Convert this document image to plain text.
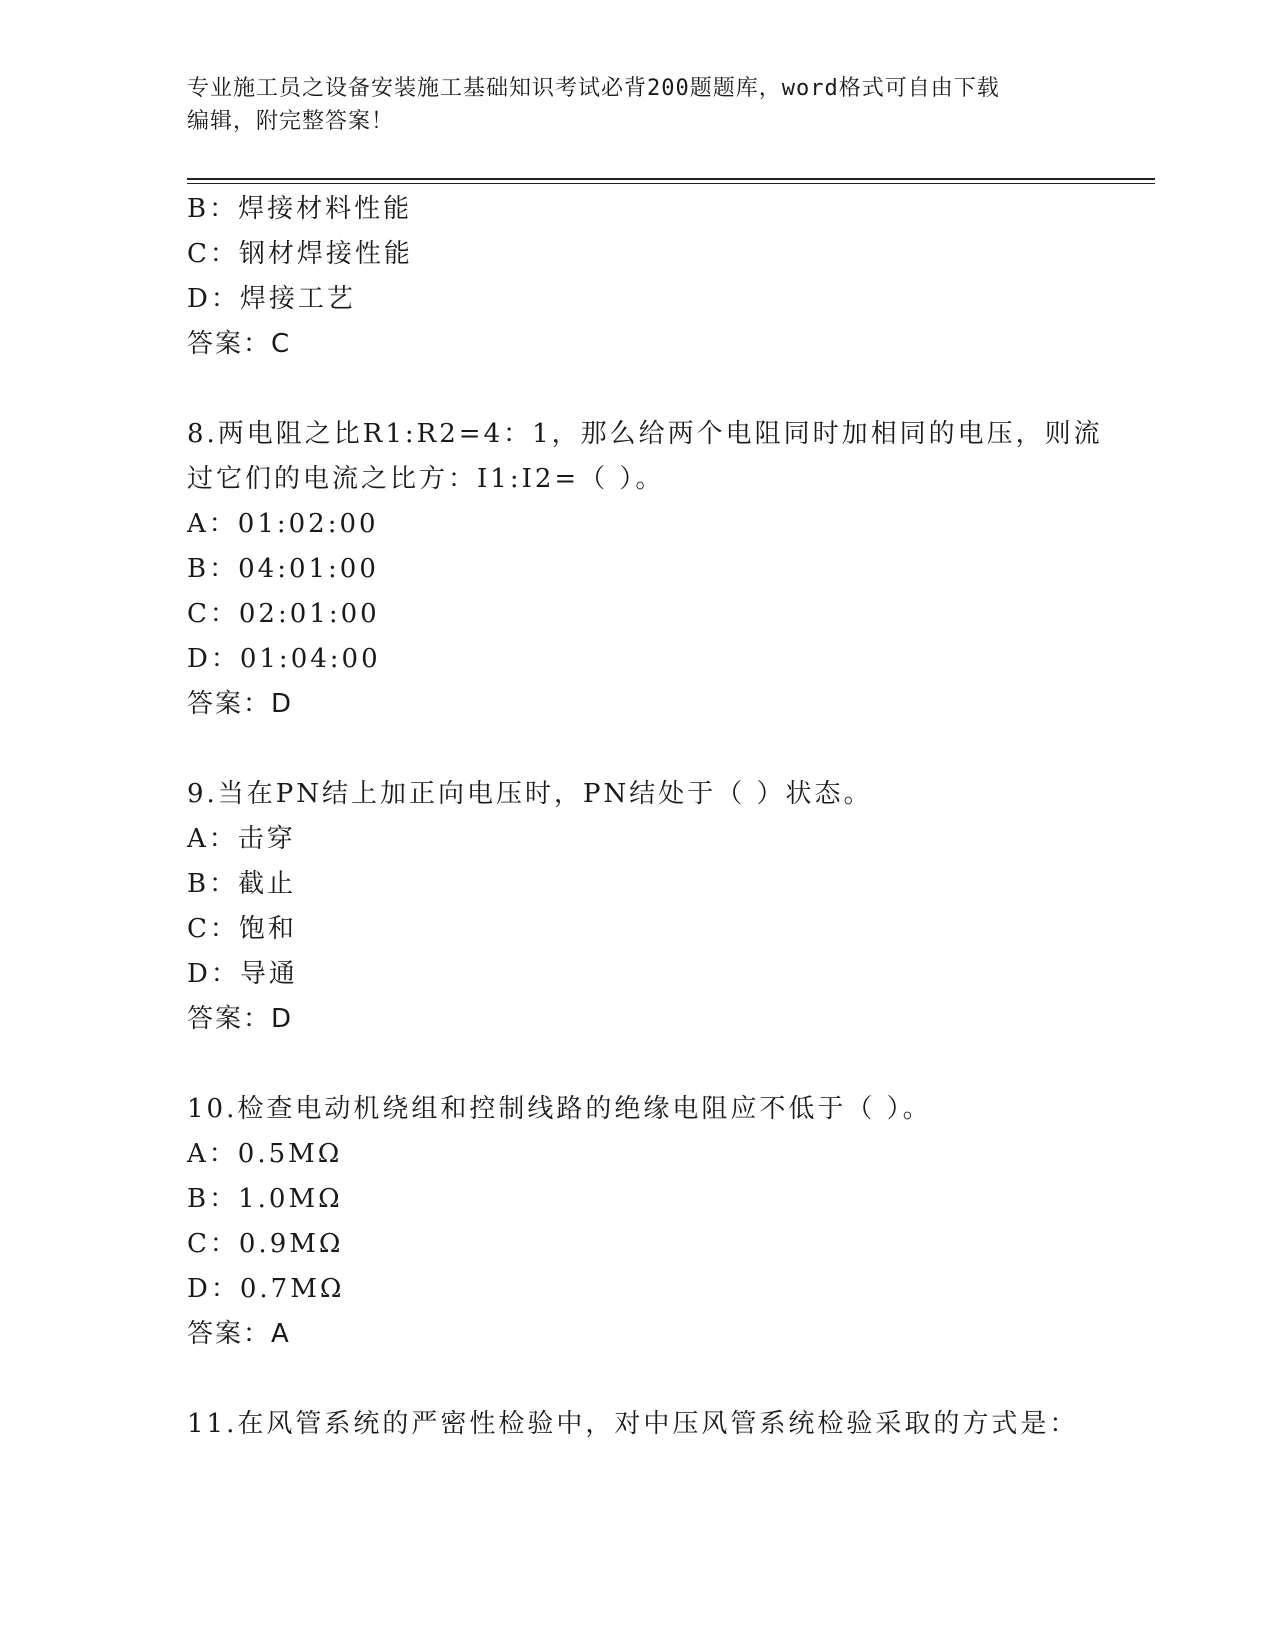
专业施工员之设备安装施工基础知识考试必背200题题库，word格式可自由下载
编辑，附完整答案！
B：焊接材料性能
C：钢材焊接性能
D：焊接工艺
答案：C
8.两电阻之比R1:R2=4：1，那么给两个电阻同时加相同的电压，则流
过它们的电流之比方：I1:I2=（ ）。
A：01:02:00
B：04:01:00
C：02:01:00
D：01:04:00
答案：D
9.当在PN结上加正向电压时，PN结处于（ ）状态。
A：击穿
B：截止
C：饱和
D：导通
答案：D
10.检查电动机绕组和控制线路的绝缘电阻应不低于（ ）。
A：0.5MΩ
B：1.0MΩ
C：0.9MΩ
D：0.7MΩ
答案：A
11.在风管系统的严密性检验中，对中压风管系统检验采取的方式是：
